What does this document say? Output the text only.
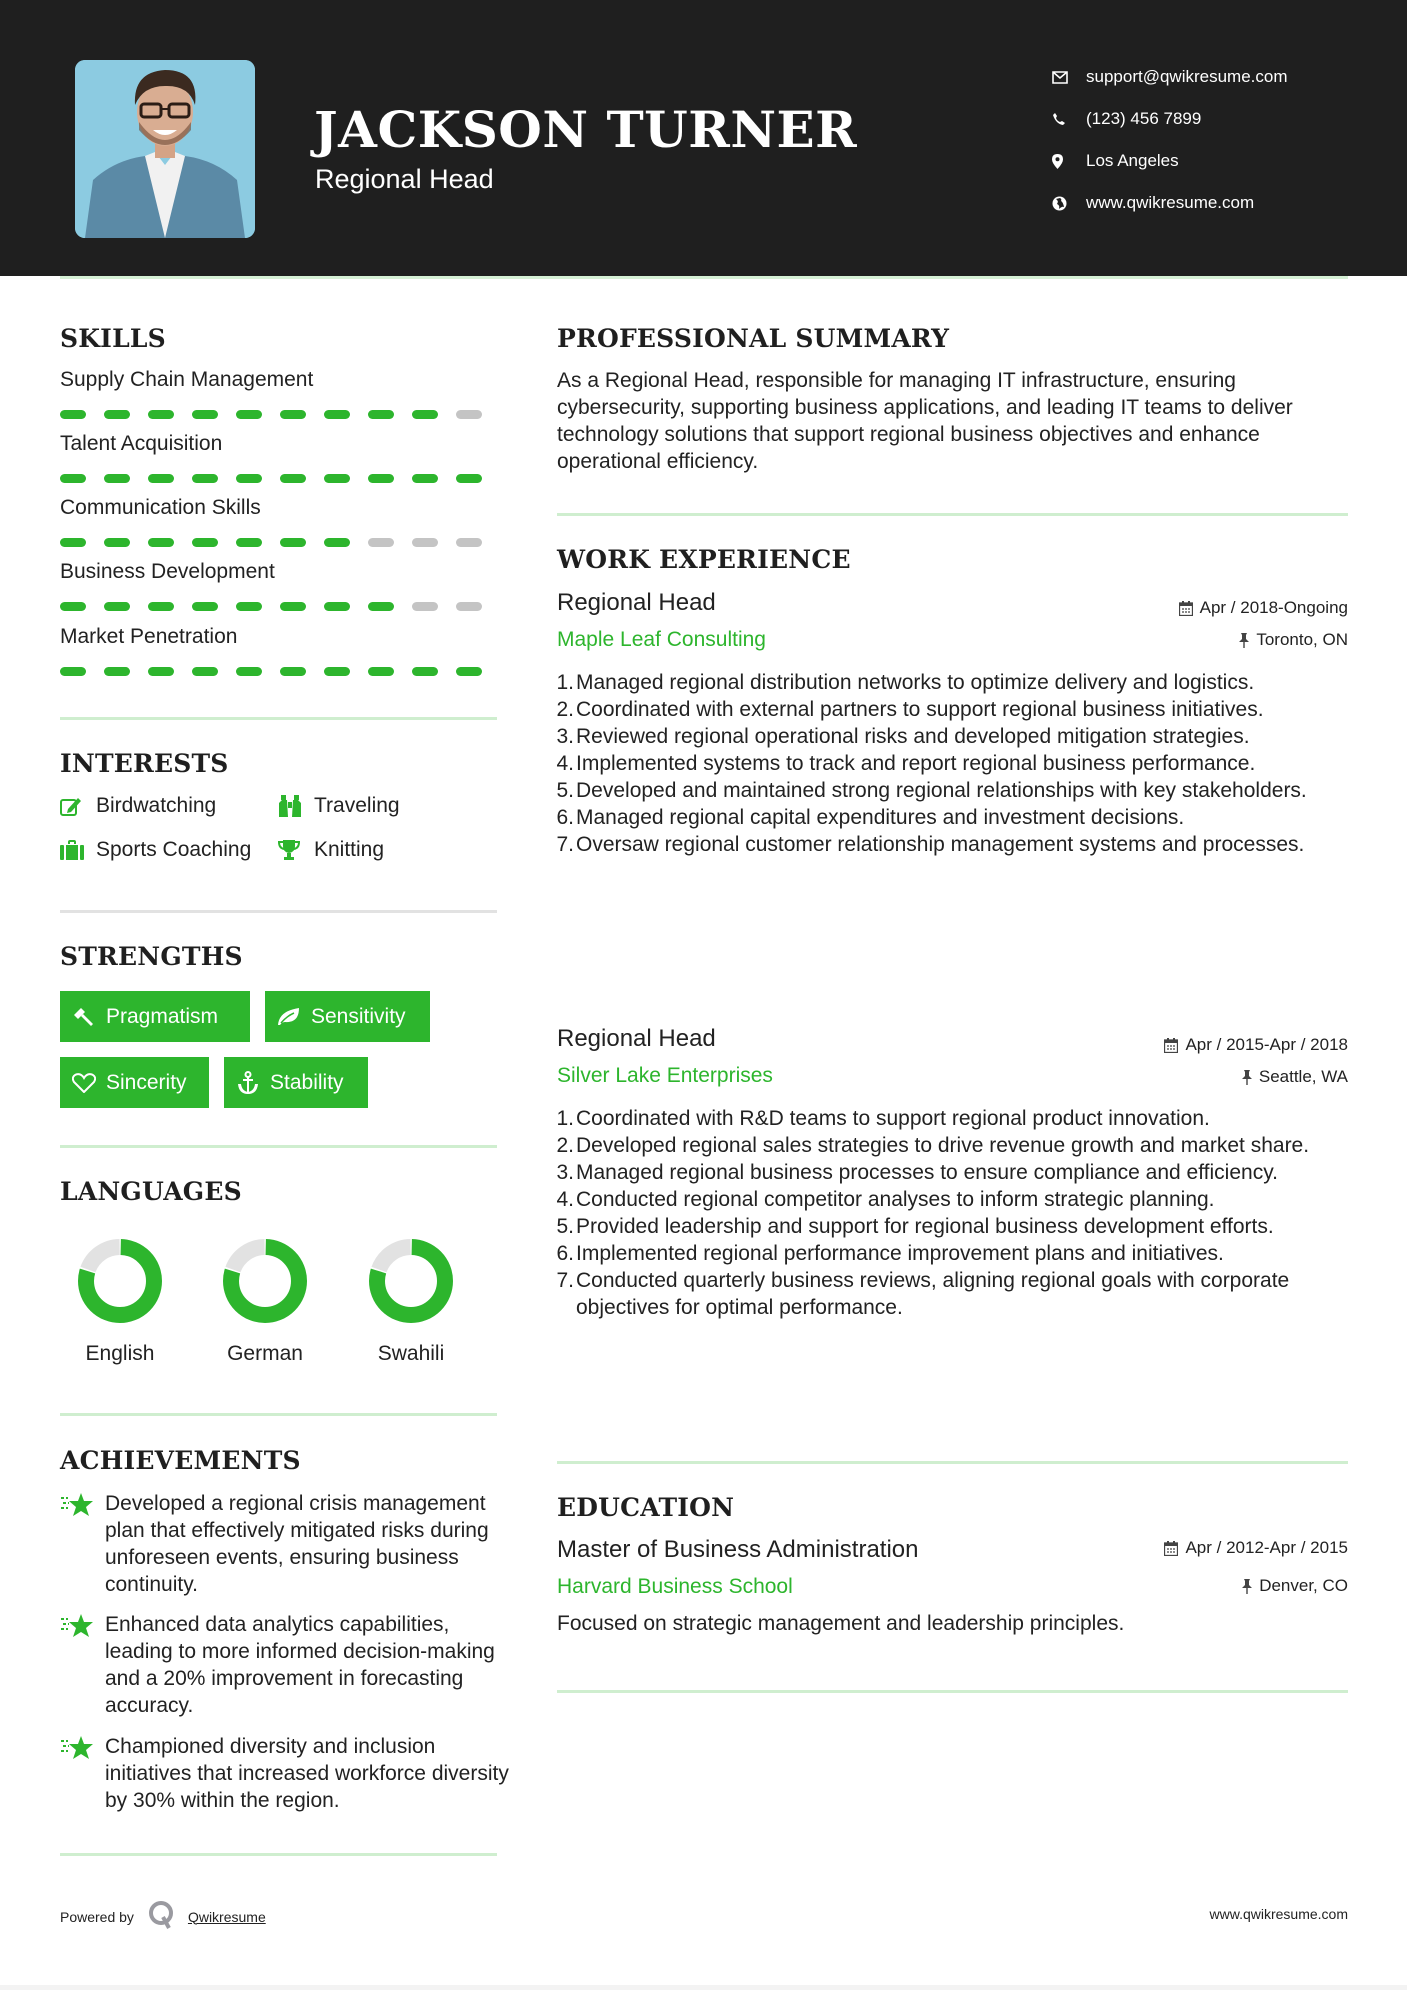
JACKSON TURNER
Regional Head
support@qwikresume.com
(123) 456 7899
Los Angeles
www.qwikresume.com
SKILLS
Supply Chain Management
Talent Acquisition
Communication Skills
Business Development
Market Penetration
INTERESTS
Birdwatching	Traveling
Sports Coaching	Knitting
STRENGTHS
Pragmatism	Sensitivity
Sincerity	Stability
LANGUAGES
English	German	Swahili
ACHIEVEMENTS
Developed a regional crisis management plan that effectively mitigated risks during unforeseen events, ensuring business continuity.
Enhanced data analytics capabilities, leading to more informed decision-making and a 20% improvement in forecasting accuracy.
Championed diversity and inclusion initiatives that increased workforce diversity by 30% within the region.
PROFESSIONAL SUMMARY
As a Regional Head, responsible for managing IT infrastructure, ensuring cybersecurity, supporting business applications, and leading IT teams to deliver technology solutions that support regional business objectives and enhance operational efficiency.
WORK EXPERIENCE
Regional Head
Maple Leaf Consulting
Apr / 2018-Ongoing
Toronto, ON
1. Managed regional distribution networks to optimize delivery and logistics.
2. Coordinated with external partners to support regional business initiatives.
3. Reviewed regional operational risks and developed mitigation strategies.
4. Implemented systems to track and report regional business performance.
5. Developed and maintained strong regional relationships with key stakeholders.
6. Managed regional capital expenditures and investment decisions.
7. Oversaw regional customer relationship management systems and processes.
Regional Head
Silver Lake Enterprises
Apr / 2015-Apr / 2018
Seattle, WA
1. Coordinated with R&D teams to support regional product innovation.
2. Developed regional sales strategies to drive revenue growth and market share.
3. Managed regional business processes to ensure compliance and efficiency.
4. Conducted regional competitor analyses to inform strategic planning.
5. Provided leadership and support for regional business development efforts.
6. Implemented regional performance improvement plans and initiatives.
7. Conducted quarterly business reviews, aligning regional goals with corporate objectives for optimal performance.
EDUCATION
Master of Business Administration
Harvard Business School
Apr / 2012-Apr / 2015
Denver, CO
Focused on strategic management and leadership principles.
Powered by	Qwikresume	www.qwikresume.com
